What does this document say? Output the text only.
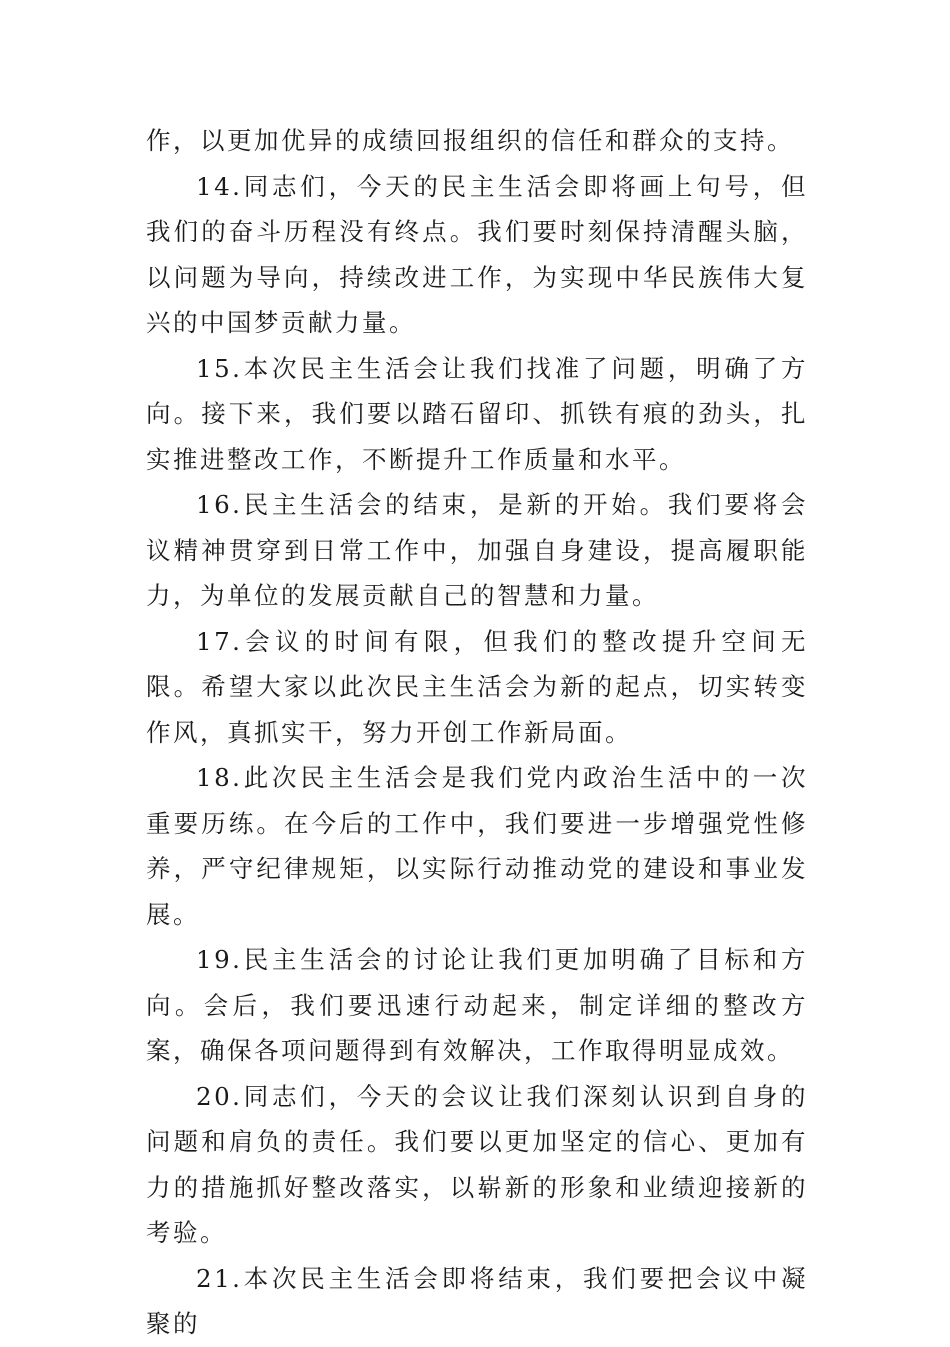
作，以更加优异的成绩回报组织的信任和群众的支持。

14.同志们，今天的民主生活会即将画上句号，但我们的奋斗历程没有终点。我们要时刻保持清醒头脑，以问题为导向，持续改进工作，为实现中华民族伟大复兴的中国梦贡献力量。

15.本次民主生活会让我们找准了问题，明确了方向。接下来，我们要以踏石留印、抓铁有痕的劲头，扎实推进整改工作，不断提升工作质量和水平。

16.民主生活会的结束，是新的开始。我们要将会议精神贯穿到日常工作中，加强自身建设，提高履职能力，为单位的发展贡献自己的智慧和力量。

17.会议的时间有限，但我们的整改提升空间无限。希望大家以此次民主生活会为新的起点，切实转变作风，真抓实干，努力开创工作新局面。

18.此次民主生活会是我们党内政治生活中的一次重要历练。在今后的工作中，我们要进一步增强党性修养，严守纪律规矩，以实际行动推动党的建设和事业发展。

19.民主生活会的讨论让我们更加明确了目标和方向。会后，我们要迅速行动起来，制定详细的整改方案，确保各项问题得到有效解决，工作取得明显成效。

20.同志们，今天的会议让我们深刻认识到自身的问题和肩负的责任。我们要以更加坚定的信心、更加有力的措施抓好整改落实，以崭新的形象和业绩迎接新的考验。

21.本次民主生活会即将结束，我们要把会议中凝聚的
